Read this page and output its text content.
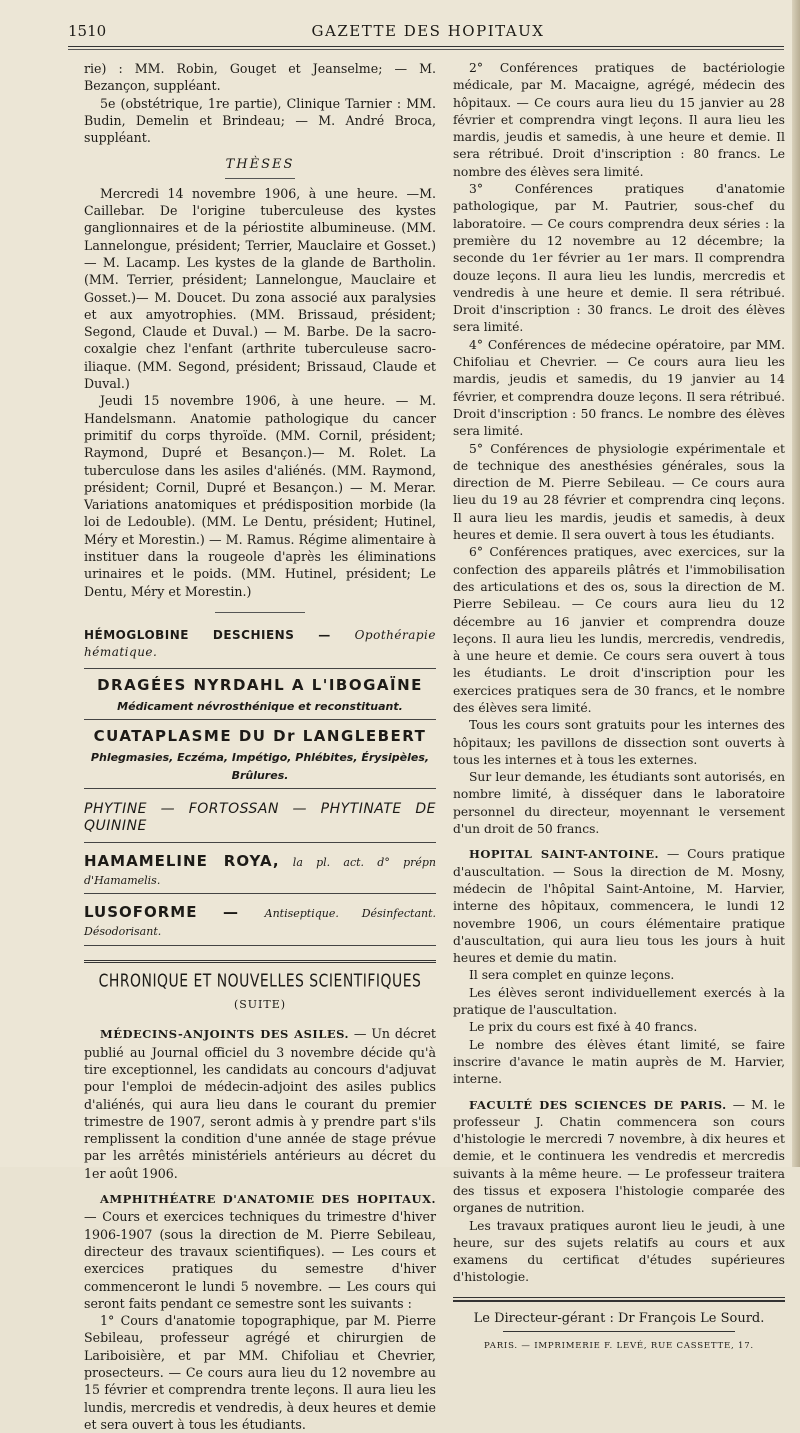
GAZETTE DES HOPITAUX
1510

rie) : MM. Robin, Gouget et Jeanselme; — M. Bezançon, suppléant.

5e (obstétrique, 1re partie), Clinique Tarnier : MM. Budin, Demelin et Brindeau; — M. André Broca, suppléant.

THÈSES

Mercredi 14 novembre 1906, à une heure. —M. Caillebar. De l'origine tuberculeuse des kystes ganglionnaires et de la périostite albumineuse. (MM. Lannelongue, président; Terrier, Mauclaire et Gosset.) — M. Lacamp. Les kystes de la glande de Bartholin. (MM. Terrier, président; Lannelongue, Mauclaire et Gosset.)— M. Doucet. Du zona associé aux paralysies et aux amyotrophies. (MM. Brissaud, président; Segond, Claude et Duval.) — M. Barbe. De la sacro-coxalgie chez l'enfant (arthrite tuberculeuse sacro-iliaque. (MM. Segond, président; Brissaud, Claude et Duval.)

Jeudi 15 novembre 1906, à une heure. — M. Handelsmann. Anatomie pathologique du cancer primitif du corps thyroïde. (MM. Cornil, président; Raymond, Dupré et Besançon.)— M. Rolet. La tuberculose dans les asiles d'aliénés. (MM. Raymond, président; Cornil, Dupré et Besançon.) — M. Merar. Variations anatomiques et prédisposition morbide (la loi de Ledouble). (MM. Le Dentu, président; Hutinel, Méry et Morestin.) — M. Ramus. Régime alimentaire à instituer dans la rougeole d'après les éliminations urinaires et le poids. (MM. Hutinel, président; Le Dentu, Méry et Morestin.)

HÉMOGLOBINE DESCHIENS — Opothérapie hématique.
DRAGÉES NYRDAHL A L'IBOGAÏNE
Médicament névrosthénique et reconstituant.
CUATAPLASME DU Dr LANGLEBERT
Phlegmasies, Eczéma, Impétigo, Phlébites, Érysipèles, Brûlures.
PHYTINE — FORTOSSAN — PHYTINATE DE QUININE
HAMAMELINE ROYA, la pl. act. d° prépn d'Hamamelis.
LUSOFORME — Antiseptique. Désinfectant. Désodorisant.
CHRONIQUE ET NOUVELLES SCIENTIFIQUES
(SUITE)

MÉDECINS-ANJOINTS DES ASILES. — Un décret publié au Journal officiel du 3 novembre décide qu'à tire exceptionnel, les candidats au concours d'adjuvat pour l'emploi de médecin-adjoint des asiles publics d'aliénés, qui aura lieu dans le courant du premier trimestre de 1907, seront admis à y prendre part s'ils remplissent la condition d'une année de stage prévue par les arrêtés ministériels antérieurs au décret du 1er août 1906.

AMPHITHÉATRE D'ANATOMIE DES HOPITAUX. — Cours et exercices techniques du trimestre d'hiver 1906-1907 (sous la direction de M. Pierre Sebileau, directeur des travaux scientifiques). — Les cours et exercices pratiques du semestre d'hiver commenceront le lundi 5 novembre. — Les cours qui seront faits pendant ce semestre sont les suivants :

1° Cours d'anatomie topographique, par M. Pierre Sebileau, professeur agrégé et chirurgien de Lariboisière, et par MM. Chifoliau et Chevrier, prosecteurs. — Ce cours aura lieu du 12 novembre au 15 février et comprendra trente leçons. Il aura lieu les lundis, mercredis et vendredis, à deux heures et demie et sera ouvert à tous les étudiants.

2° Conférences pratiques de bactériologie médicale, par M. Macaigne, agrégé, médecin des hôpitaux. — Ce cours aura lieu du 15 janvier au 28 février et comprendra vingt leçons. Il aura lieu les mardis, jeudis et samedis, à une heure et demie. Il sera rétribué. Droit d'inscription : 80 francs. Le nombre des élèves sera limité.

3° Conférences pratiques d'anatomie pathologique, par M. Pautrier, sous-chef du laboratoire. — Ce cours comprendra deux séries : la première du 12 novembre au 12 décembre; la seconde du 1er février au 1er mars. Il comprendra douze leçons. Il aura lieu les lundis, mercredis et vendredis à une heure et demie. Il sera rétribué. Droit d'inscription : 30 francs. Le droit des élèves sera limité.

4° Conférences de médecine opératoire, par MM. Chifoliau et Chevrier. — Ce cours aura lieu les mardis, jeudis et samedis, du 19 janvier au 14 février, et comprendra douze leçons. Il sera rétribué. Droit d'inscription : 50 francs. Le nombre des élèves sera limité.

5° Conférences de physiologie expérimentale et de technique des anesthésies générales, sous la direction de M. Pierre Sebileau. — Ce cours aura lieu du 19 au 28 février et comprendra cinq leçons. Il aura lieu les mardis, jeudis et samedis, à deux heures et demie. Il sera ouvert à tous les étudiants.

6° Conférences pratiques, avec exercices, sur la confection des appareils plâtrés et l'immobilisation des articulations et des os, sous la direction de M. Pierre Sebileau. — Ce cours aura lieu du 12 décembre au 16 janvier et comprendra douze leçons. Il aura lieu les lundis, mercredis, vendredis, à une heure et demie. Ce cours sera ouvert à tous les étudiants. Le droit d'inscription pour les exercices pratiques sera de 30 francs, et le nombre des élèves sera limité.

Tous les cours sont gratuits pour les internes des hôpitaux; les pavillons de dissection sont ouverts à tous les internes et à tous les externes.

Sur leur demande, les étudiants sont autorisés, en nombre limité, à disséquer dans le laboratoire personnel du directeur, moyennant le versement d'un droit de 50 francs.

HOPITAL SAINT-ANTOINE. — Cours pratique d'auscultation. — Sous la direction de M. Mosny, médecin de l'hôpital Saint-Antoine, M. Harvier, interne des hôpitaux, commencera, le lundi 12 novembre 1906, un cours élémentaire pratique d'auscultation, qui aura lieu tous les jours à huit heures et demie du matin.

Il sera complet en quinze leçons.

Les élèves seront individuellement exercés à la pratique de l'auscultation.

Le prix du cours est fixé à 40 francs.

Le nombre des élèves étant limité, se faire inscrire d'avance le matin auprès de M. Harvier, interne.

FACULTÉ DES SCIENCES DE PARIS. — M. le professeur J. Chatin commencera son cours d'histologie le mercredi 7 novembre, à dix heures et demie, et le continuera les vendredis et mercredis suivants à la même heure. — Le professeur traitera des tissus et exposera l'histologie comparée des organes de nutrition.

Les travaux pratiques auront lieu le jeudi, à une heure, sur des sujets relatifs au cours et aux examens du certificat d'études supérieures d'histologie.

Le Directeur-gérant : Dr François Le Sourd.
PARIS. — IMPRIMERIE F. LEVÉ, RUE CASSETTE, 17.
